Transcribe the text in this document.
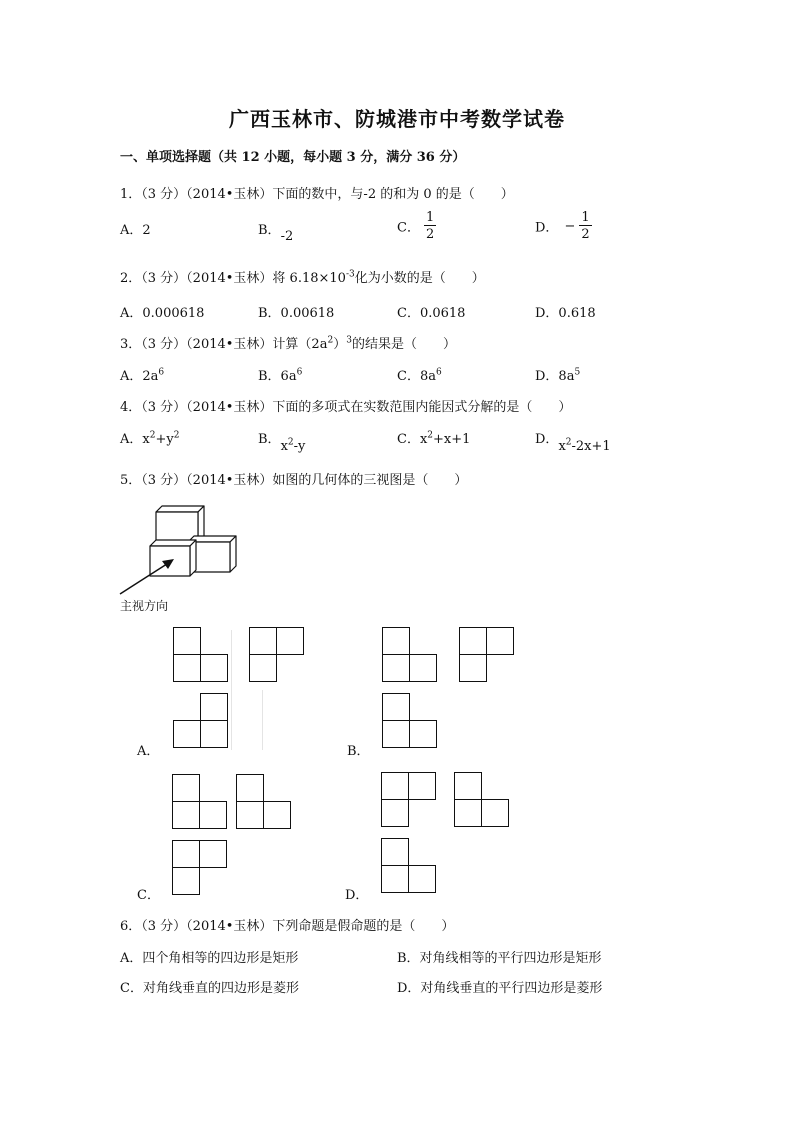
广西玉林市、防城港市中考数学试卷
一、单项选择题（共 12 小题，每小题 3 分，满分 36 分）
1．（3 分）（2014•玉林）下面的数中，与-2 的和为 0 的是（　　）
A．2	B．-2
C． $\frac{1}{2}$	D． − $\frac{1}{2}$
2．（3 分）（2014•玉林）将 $6.18\times 10^{-3}$化为小数的是（　　）
A．0.000618	B．0.00618	C．0.0618	D．0.618
3．（3 分）（2014•玉林）计算$(2a^2)^3$的结果是（　　）
A．$2a^6$	B．$6a^6$	C．$8a^6$	D．$8a^5$
4．（3 分）（2014•玉林）下面的多项式在实数范围内能因式分解的是（　　）
A．$x^2+y^2$	B．$x^2-y$	C．$x^2+x+1$	D．$x^2-2x+1$
5．（3 分）（2014•玉林）如图的几何体的三视图是（　　）
主视方向
A．	B．
C．	D．
6．（3 分）（2014•玉林）下列命题是假命题的是（　　）
A．四个角相等的四边形是矩形	B．对角线相等的平行四边形是矩形
C．对角线垂直的四边形是菱形	D．对角线垂直的平行四边形是菱形
